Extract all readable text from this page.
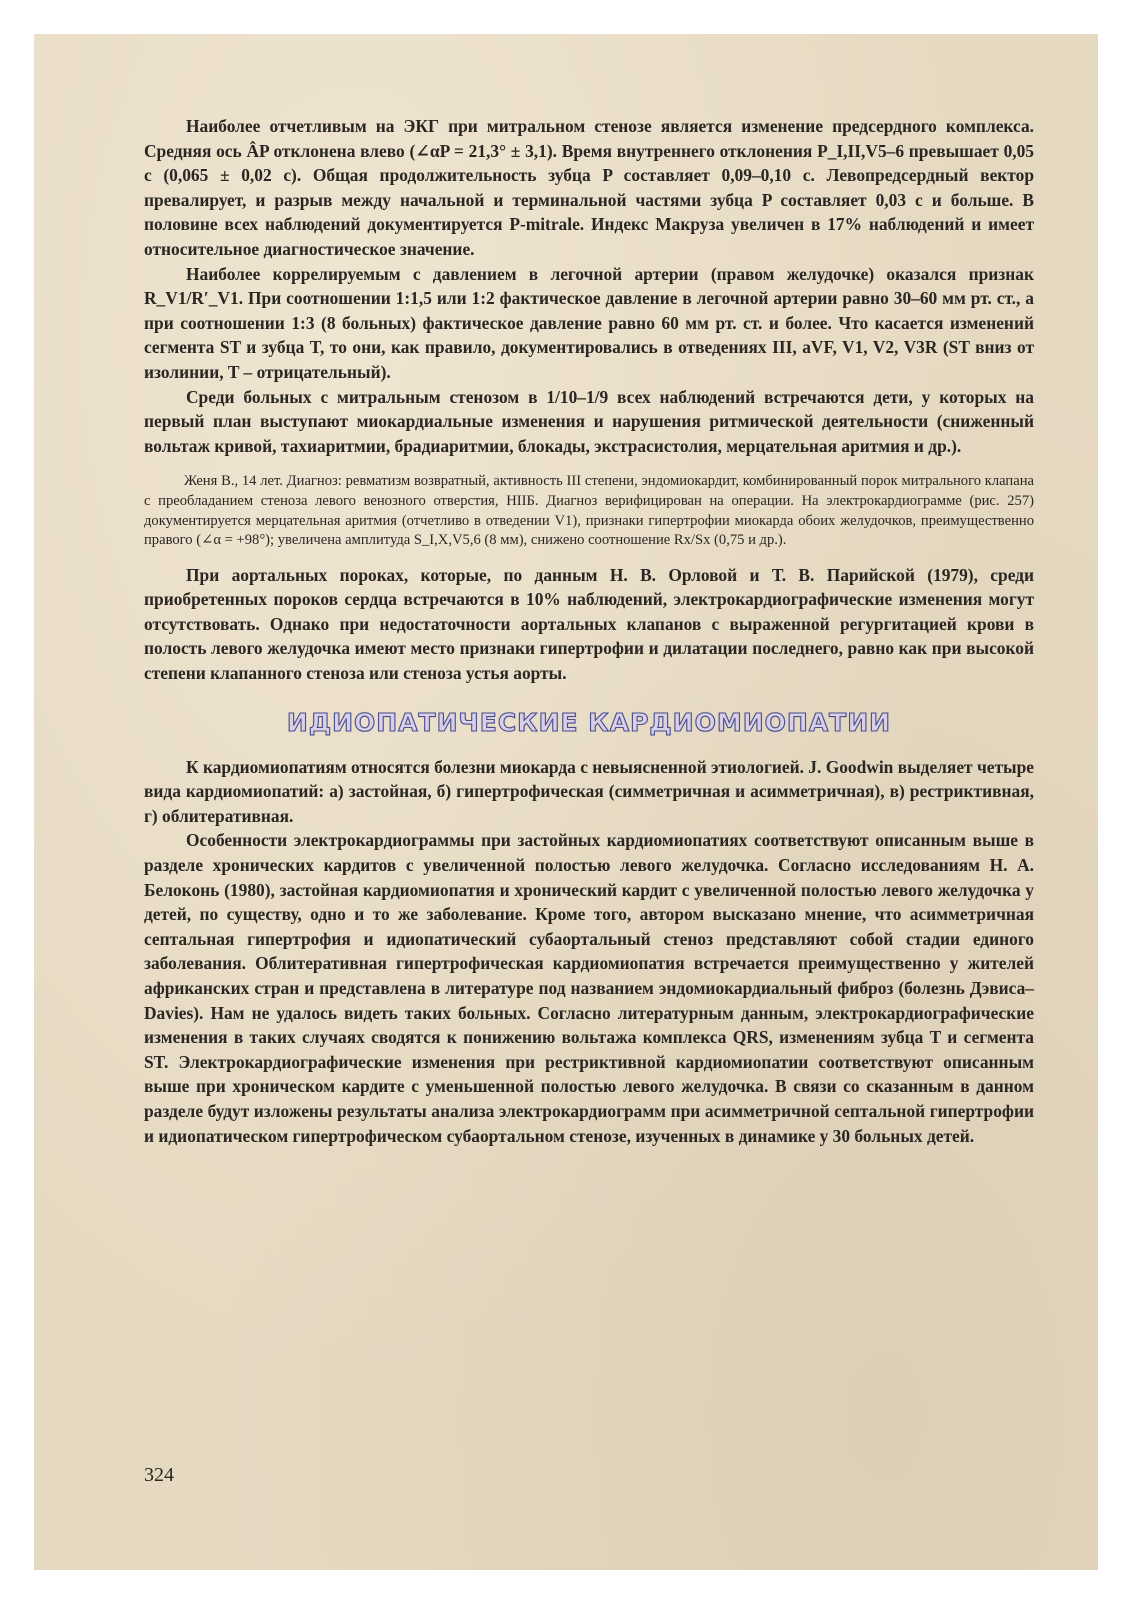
Наиболее отчетливым на ЭКГ при митральном стенозе является изменение предсердного комплекса. Средняя ось ÂP отклонена влево (∠αP = 21,3° ± 3,1). Время внутреннего отклонения P_I,II,V5–6 превышает 0,05 с (0,065 ± 0,02 с). Общая продолжительность зубца P составляет 0,09–0,10 с. Левопредсердный вектор превалирует, и разрыв между начальной и терминальной частями зубца P составляет 0,03 с и больше. В половине всех наблюдений документируется P-mitrale. Индекс Макруза увеличен в 17% наблюдений и имеет относительное диагностическое значение.

Наиболее коррелируемым с давлением в легочной артерии (правом желудочке) оказался признак R_V1/R′_V1. При соотношении 1:1,5 или 1:2 фактическое давление в легочной артерии равно 30–60 мм рт. ст., а при соотношении 1:3 (8 больных) фактическое давление равно 60 мм рт. ст. и более. Что касается изменений сегмента ST и зубца T, то они, как правило, документировались в отведениях III, aVF, V1, V2, V3R (ST вниз от изолинии, T – отрицательный).

Среди больных с митральным стенозом в 1/10–1/9 всех наблюдений встречаются дети, у которых на первый план выступают миокардиальные изменения и нарушения ритмической деятельности (сниженный вольтаж кривой, тахиаритмии, брадиаритмии, блокады, экстрасистолия, мерцательная аритмия и др.).

Женя В., 14 лет. Диагноз: ревматизм возвратный, активность III степени, эндомиокардит, комбинированный порок митрального клапана с преобладанием стеноза левого венозного отверстия, НIIБ. Диагноз верифицирован на операции. На электрокардиограмме (рис. 257) документируется мерцательная аритмия (отчетливо в отведении V1), признаки гипертрофии миокарда обоих желудочков, преимущественно правого (∠α = +98°); увеличена амплитуда S_I,X,V5,6 (8 мм), снижено соотношение Rx/Sx (0,75 и др.).

При аортальных пороках, которые, по данным Н. В. Орловой и Т. В. Парийской (1979), среди приобретенных пороков сердца встречаются в 10% наблюдений, электрокардиографические изменения могут отсутствовать. Однако при недостаточности аортальных клапанов с выраженной регургитацией крови в полость левого желудочка имеют место признаки гипертрофии и дилатации последнего, равно как при высокой степени клапанного стеноза или стеноза устья аорты.

ИДИОПАТИЧЕСКИЕ КАРДИОМИОПАТИИ

К кардиомиопатиям относятся болезни миокарда с невыясненной этиологией. J. Goodwin выделяет четыре вида кардиомиопатий: а) застойная, б) гипертрофическая (симметричная и асимметричная), в) рестриктивная, г) облитеративная.

Особенности электрокардиограммы при застойных кардиомиопатиях соответствуют описанным выше в разделе хронических кардитов с увеличенной полостью левого желудочка. Согласно исследованиям Н. А. Белоконь (1980), застойная кардиомиопатия и хронический кардит с увеличенной полостью левого желудочка у детей, по существу, одно и то же заболевание. Кроме того, автором высказано мнение, что асимметричная септальная гипертрофия и идиопатический субаортальный стеноз представляют собой стадии единого заболевания. Облитеративная гипертрофическая кардиомиопатия встречается преимущественно у жителей африканских стран и представлена в литературе под названием эндомиокардиальный фиброз (болезнь Дэвиса–Davies). Нам не удалось видеть таких больных. Согласно литературным данным, электрокардиографические изменения в таких случаях сводятся к понижению вольтажа комплекса QRS, изменениям зубца T и сегмента ST. Электрокардиографические изменения при рестриктивной кардиомиопатии соответствуют описанным выше при хроническом кардите с уменьшенной полостью левого желудочка. В связи со сказанным в данном разделе будут изложены результаты анализа электрокардиограмм при асимметричной септальной гипертрофии и идиопатическом гипертрофическом субаортальном стенозе, изученных в динамике у 30 больных детей.

324
